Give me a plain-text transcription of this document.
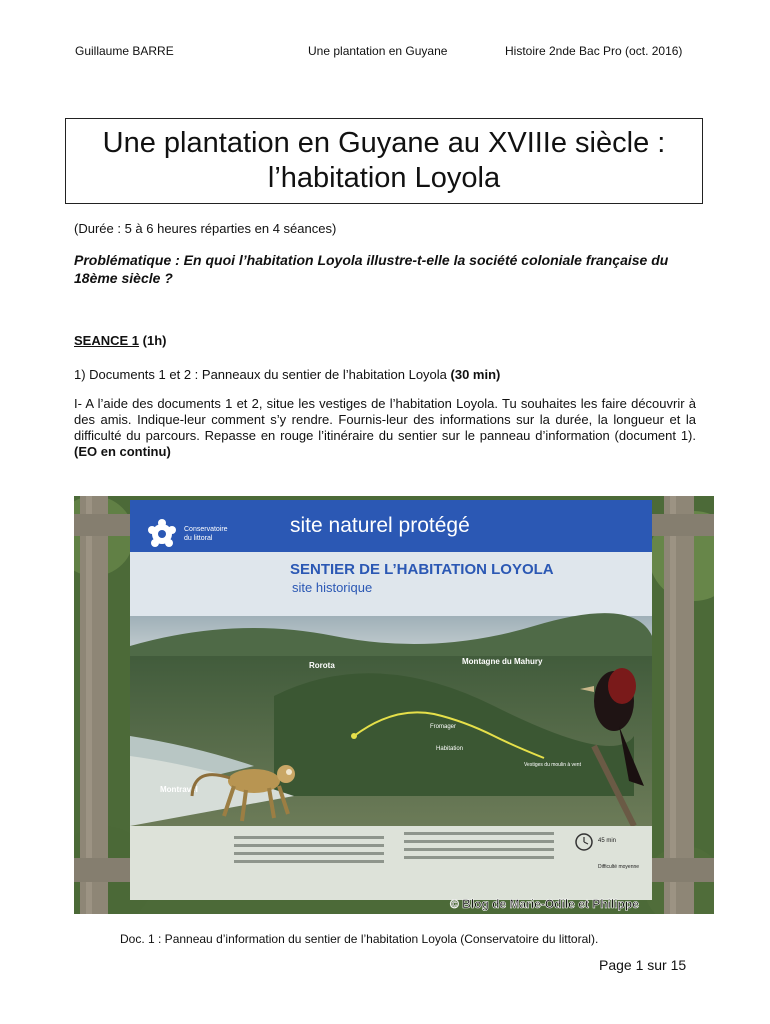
Guillaume BARRE	Une plantation en Guyane	Histoire 2nde Bac Pro (oct. 2016)
Une plantation en Guyane au XVIIIe siècle :
l’habitation Loyola
(Durée : 5 à 6 heures réparties en 4 séances)
Problématique : En quoi l’habitation Loyola illustre-t-elle la société coloniale française du 18ème siècle ?
SEANCE 1 (1h)
1) Documents 1 et 2 : Panneaux du sentier de l’habitation Loyola (30 min)
I- A l’aide des documents 1 et 2, situe les vestiges de l’habitation Loyola. Tu souhaites les faire découvrir à des amis. Indique-leur comment s’y rendre. Fournis-leur des informations sur la durée, la longueur et la difficulté du parcours. Repasse en rouge l’itinéraire du sentier sur le panneau d’information (document 1). (EO en continu)
Conservatoire
du littoral
site naturel protégé
SENTIER DE L’HABITATION LOYOLA
site historique
Rorota	Montagne du Mahury
Fromager
Habitation
Vestiges du moulin à vent
Montravel
45 min
Difficulté moyenne
© Blog de Marie-Odile et Philippe
Doc. 1 : Panneau d’information du sentier de l’habitation Loyola (Conservatoire du littoral).
Page 1 sur 15
